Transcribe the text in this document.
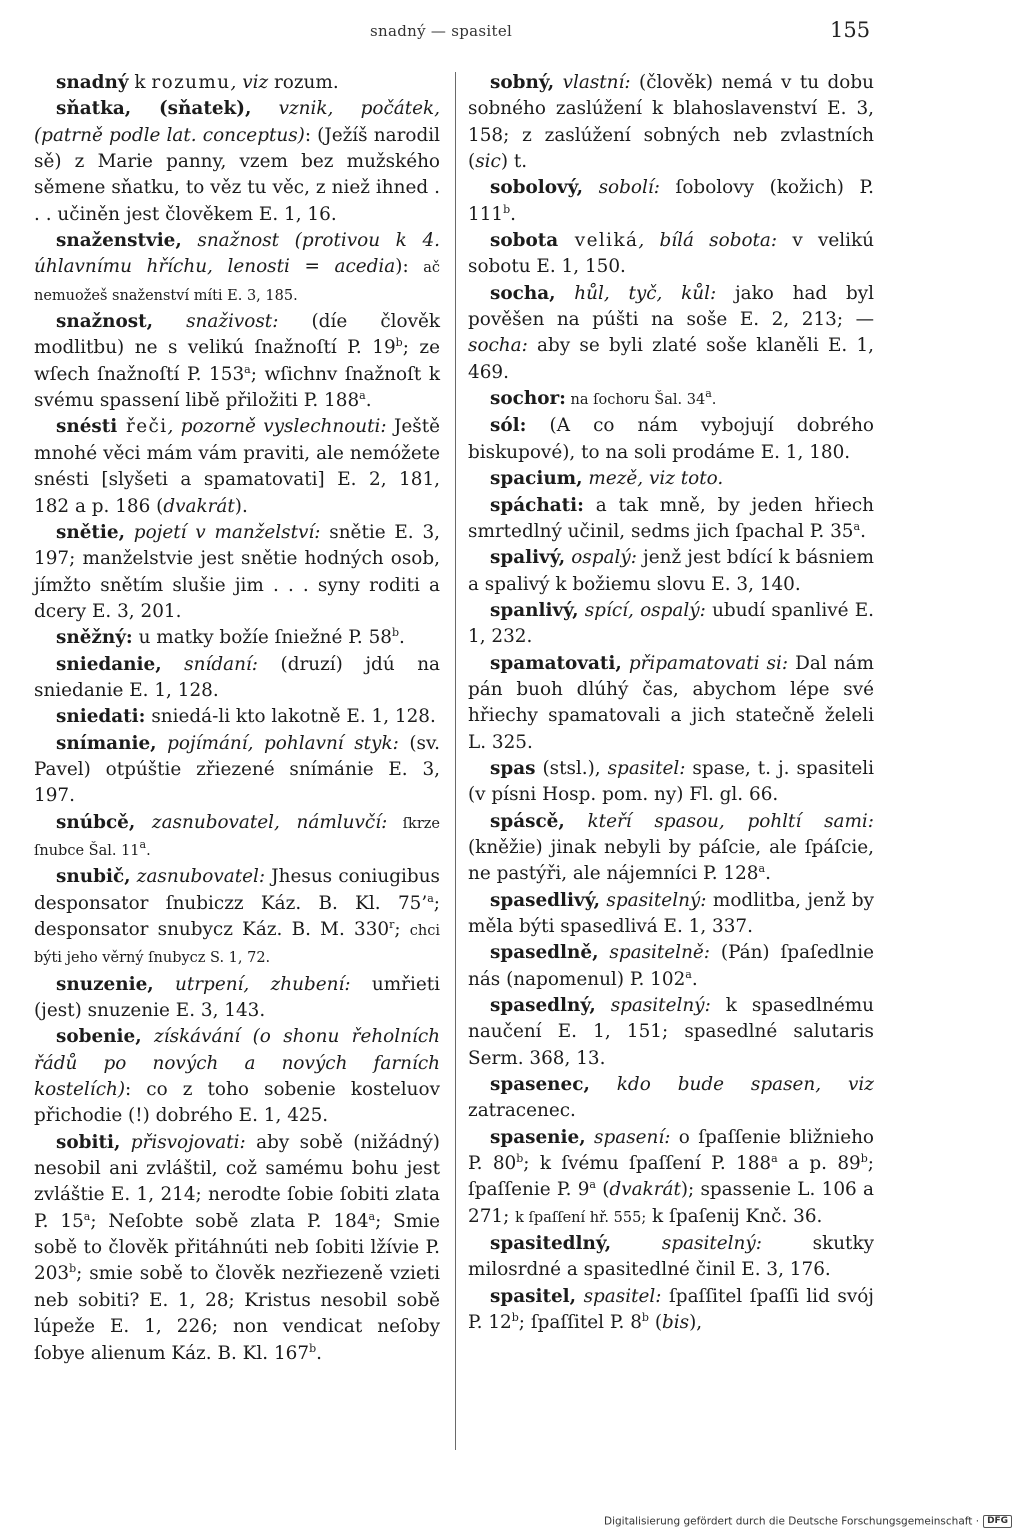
snadný — spasitel	155

snadný k rozumu, viz rozum.

sňatka, (sňatek), vznik, počátek, (patrně podle lat. conceptus): (Ježíš narodil sě) z Marie panny, vzem bez mužského sěmene sňatku, to věz tu věc, z niež ihned . . . učiněn jest člověkem E. 1, 16.

snaženstvie, snažnost (protivou k 4. úhlavnímu hříchu, lenosti = acedia): ač nemuožeš snaženství míti E. 3, 185.

snažnost, snaživost: (díe člověk modlitbu) ne s velikú ſnažnoſtí P. 19$^b$; ze wſech ſnažnoſtí P. 153$^a$; wſichnv ſnažnoſt k svému spassení libě přiložiti P. 188$^a$.

snésti řeči, pozorně vyslechnouti: Ještě mnohé věci mám vám praviti, ale nemóžete snésti [slyšeti a spamatovati] E. 2, 181, 182 a p. 186 (dvakrát).

snětie, pojetí v manželství: snětie E. 3, 197; manželstvie jest snětie hodných osob, jímžto snětím slušie jim . . . syny roditi a dcery E. 3, 201.

sněžný: u matky božíe ſniežné P. 58$^b$.

sniedanie, snídaní: (druzí) jdú na sniedanie E. 1, 128.

sniedati: sniedá-li kto lakotně E. 1, 128.

snímanie, pojímání, pohlavní styk: (sv. Pavel) otpúštie zřiezené snímánie E. 3, 197.

snúbcě, zasnubovatel, námluvčí: ſkrze ſnubce Šal. 11$^a$.

snubič, zasnubovatel: Jhesus coniugibus desponsator ſnubiczz Káz. B. Kl. 75’$^a$; desponsator snubycz Káz. B. M. 330$^r$; chci býti jeho věrný ſnubycz S. 1, 72.

snuzenie, utrpení, zhubení: umřieti (jest) snuzenie E. 3, 143.

sobenie, získávání (o shonu řeholních řádů po nových a nových farních kostelích): co z toho sobenie kosteluov přichodie (!) dobrého E. 1, 425.

sobiti, přisvojovati: aby sobě (nižádný) nesobil ani zvláštil, což samému bohu jest zvláštie E. 1, 214; nerodte ſobie ſobiti zlata P. 15$^a$; Neſobte sobě zlata P. 184$^a$; Smie sobě to člověk přitáhnúti neb ſobiti lžívie P. 203$^b$; smie sobě to člověk nezřiezeně vzieti neb sobiti? E. 1, 28; Kristus nesobil sobě lúpeže E. 1, 226; non vendicat neſoby ſobye alienum Káz. B. Kl. 167$^b$.

sobný, vlastní: (člověk) nemá v tu dobu sobného zaslúžení k blahoslavenství E. 3, 158; z zaslúžení sobných neb zvlastních (sic) t.

sobolový, sobolí: ſobolovy (kožich) P. 111$^b$.

sobota veliká, bílá sobota: v velikú sobotu E. 1, 150.

socha, hůl, tyč, kůl: jako had byl pověšen na púšti na soše E. 2, 213; — socha: aby se byli zlaté soše klaněli E. 1, 469.

sochor: na ſochoru Šal. 34$^a$.

sól: (A co nám vybojují dobrého biskupové), to na soli prodáme E. 1, 180.

spacium, mezě, viz toto.

spáchati: a tak mně, by jeden hřiech smrtedlný učinil, sedms jich ſpachal P. 35$^a$.

spalivý, ospalý: jenž jest bdící k básniem a spalivý k božiemu slovu E. 3, 140.

spanlivý, spící, ospalý: ubudí spanlivé E. 1, 232.

spamatovati, připamatovati si: Dal nám pán buoh dlúhý čas, abychom lépe své hřiechy spamatovali a jich statečně želeli L. 325.

spas (stsl.), spasitel: spase, t. j. spasiteli (v písni Hosp. pom. ny) Fl. gl. 66.

spáscě, kteří spasou, pohltí sami: (kněžie) jinak nebyli by páſcie, ale ſpáſcie, ne pastýři, ale nájemníci P. 128$^a$.

spasedlivý, spasitelný: modlitba, jenž by měla býti spasedlivá E. 1, 337.

spasedlně, spasitelně: (Pán) ſpaſedlnie nás (napomenul) P. 102$^a$.

spasedlný, spasitelný: k spasedlnému naučení E. 1, 151; spasedlné salutaris Serm. 368, 13.

spasenec, kdo bude spasen, viz zatracenec.

spasenie, spasení: o ſpaſſenie bližnieho P. 80$^b$; k ſvému ſpaſſení P. 188$^a$ a p. 89$^b$; ſpaſſenie P. 9$^a$ (dvakrát); spassenie L. 106 a 271; k ſpaſſení hř. 555; k ſpaſenij Knč. 36.

spasitedlný, spasitelný: skutky milosrdné a spasitedlné činil E. 3, 176.

spasitel, spasitel: ſpaſſitel ſpaſſi lid svój P. 12$^b$; ſpaſſitel P. 8$^b$ (bis),

Digitalisierung gefördert durch die Deutsche Forschungsgemeinschaft · DFG
